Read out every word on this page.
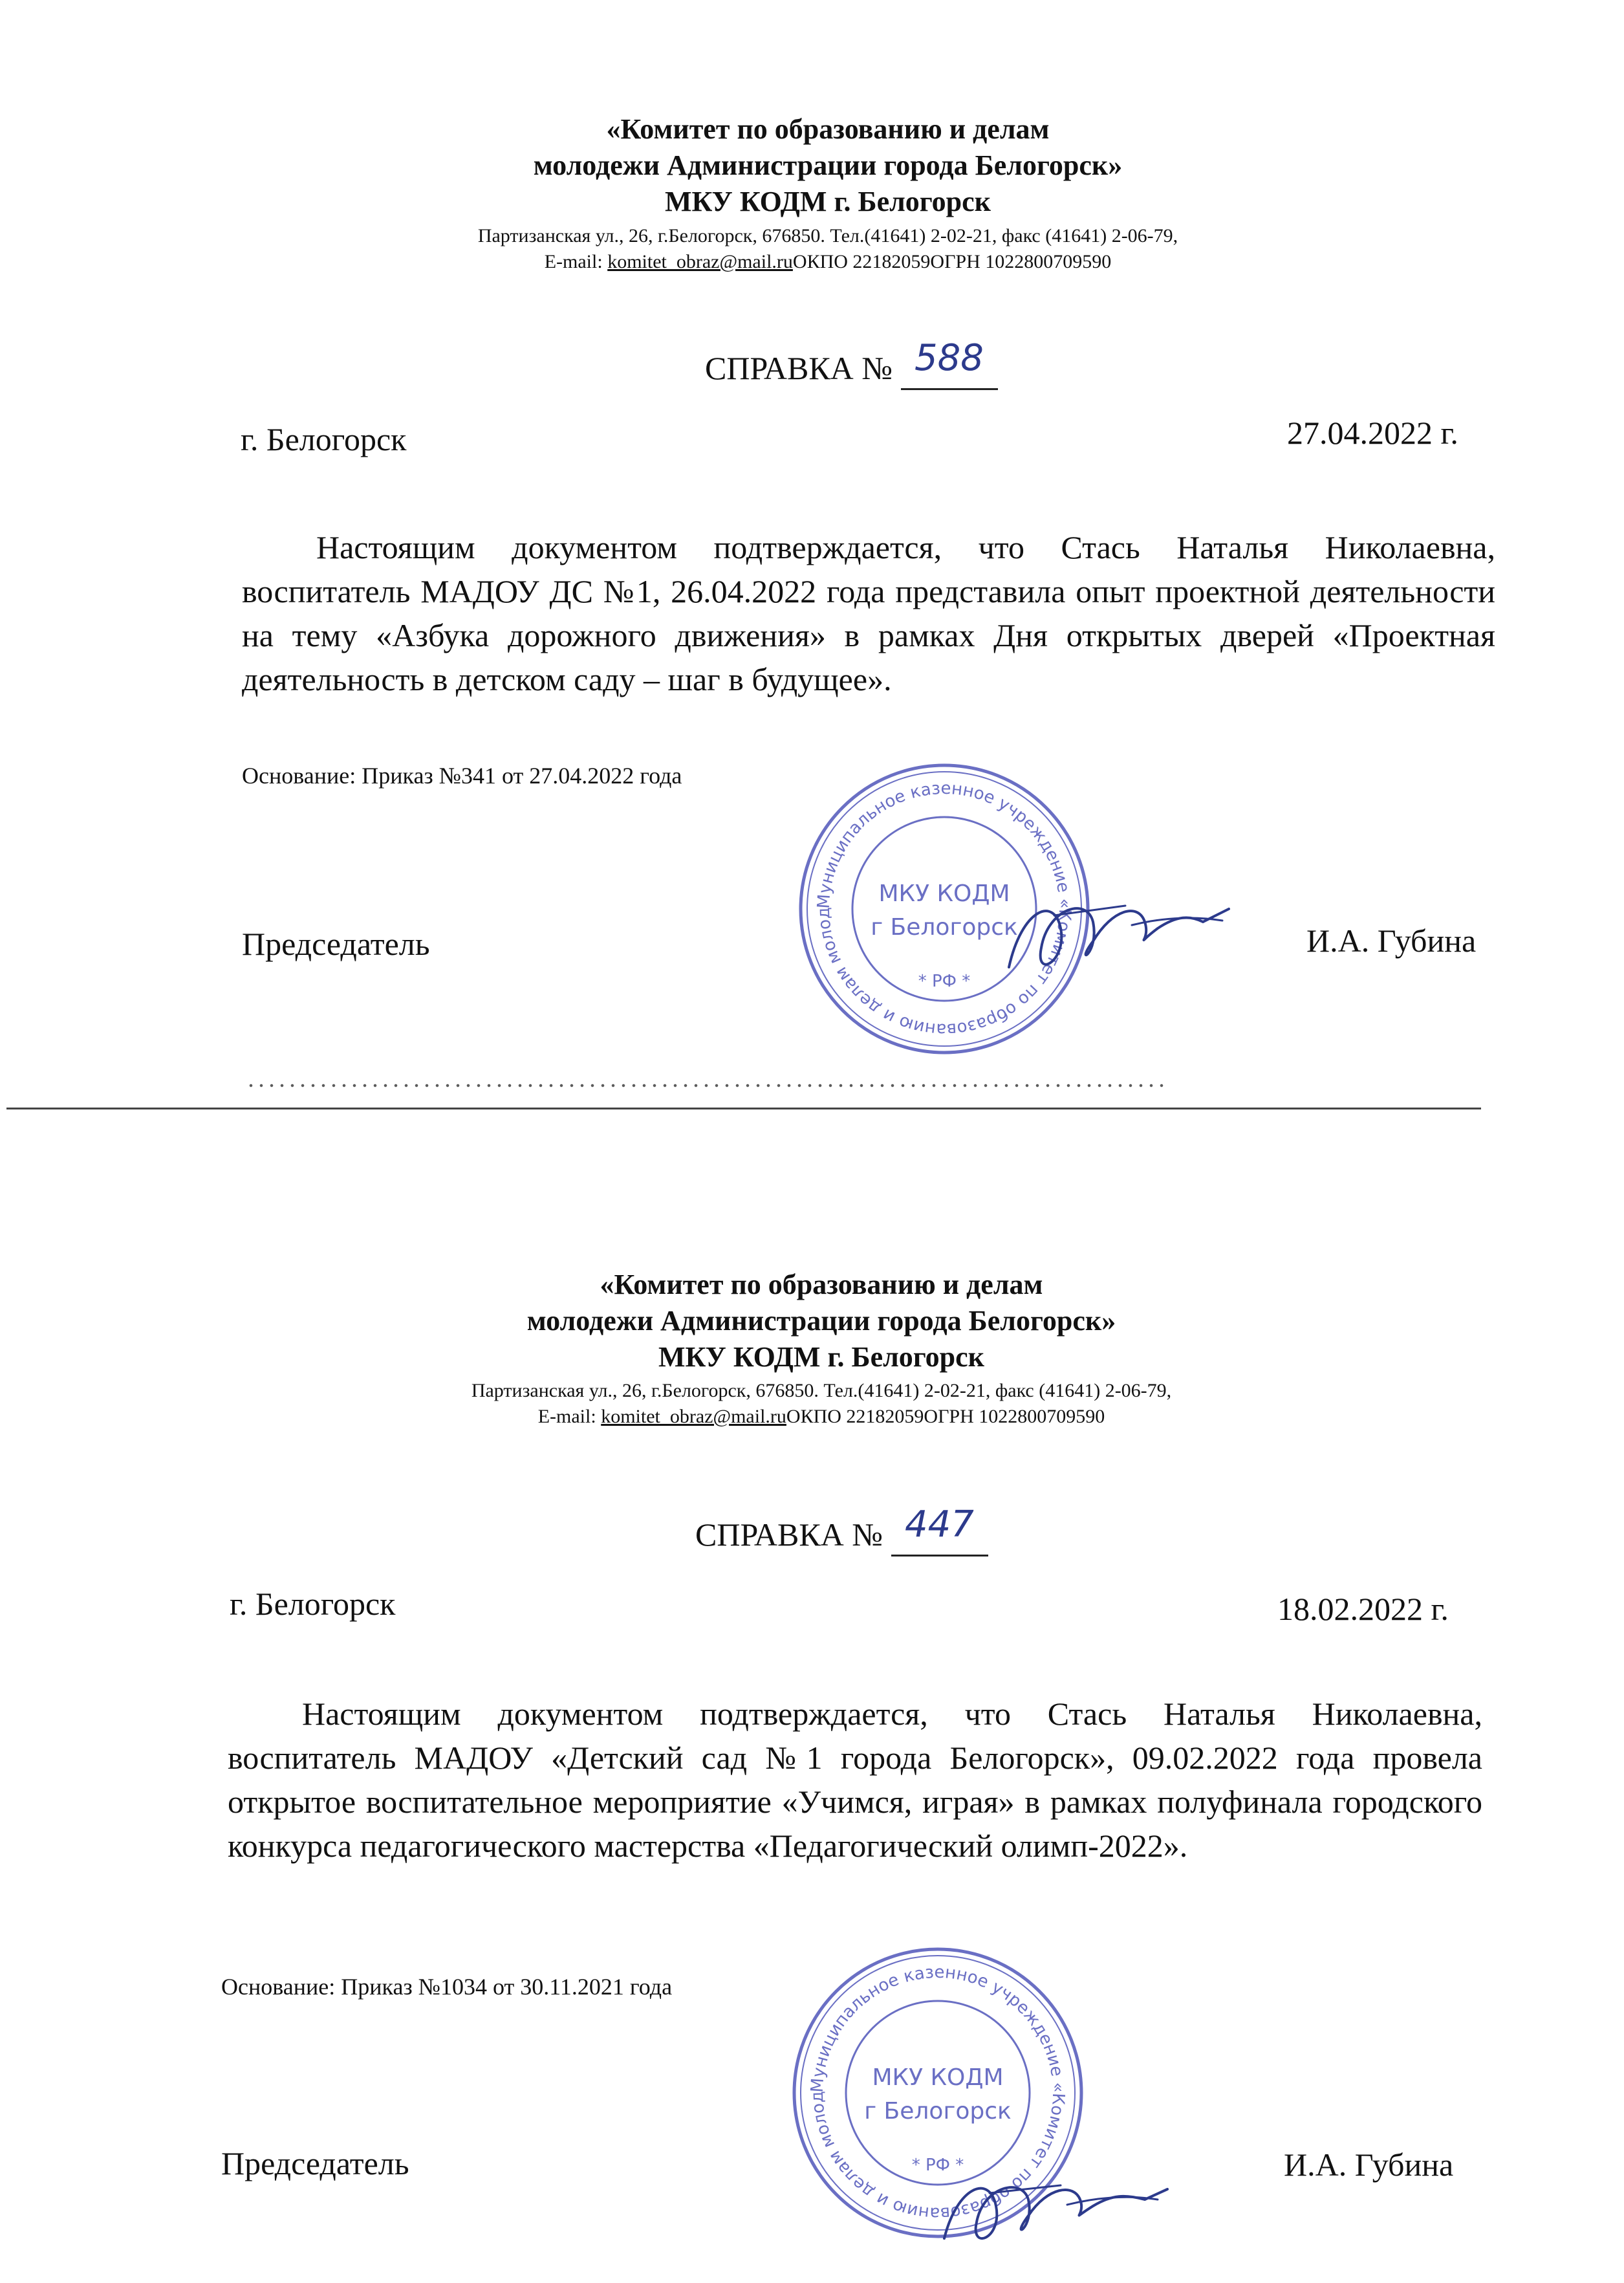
«Комитет по образованию и делам
молодежи Администрации города Белогорск»
МКУ КОДМ г. Белогорск
Партизанская ул., 26, г.Белогорск, 676850. Тел.(41641) 2-02-21, факс (41641) 2-06-79,
E-mail: komitet_obraz@mail.ruОКПО 22182059ОГРН 1022800709590
СПРАВКА № 588
г. Белогорск	27.04.2022 г.

Настоящим документом подтверждается, что Стась Наталья Николаевна, воспитатель МАДОУ ДС №1, 26.04.2022 года представила опыт проектной деятельности на тему «Азбука дорожного движения» в рамках Дня открытых дверей «Проектная деятельность в детском саду – шаг в будущее».

Основание: Приказ №341 от 27.04.2022 года
Председатель	И.А. Губина
Муниципальное казенное учреждение «Комитет по образованию и делам молодежи Администрации
МКУ КОДМ
г Белогорск
* РФ *
«Комитет по образованию и делам
молодежи Администрации города Белогорск»
МКУ КОДМ г. Белогорск
Партизанская ул., 26, г.Белогорск, 676850. Тел.(41641) 2-02-21, факс (41641) 2-06-79,
E-mail: komitet_obraz@mail.ruОКПО 22182059ОГРН 1022800709590
СПРАВКА № 447
г. Белогорск	18.02.2022 г.

Настоящим документом подтверждается, что Стась Наталья Николаевна, воспитатель МАДОУ «Детский сад №1 города Белогорск», 09.02.2022 года провела открытое воспитательное мероприятие «Учимся, играя» в рамках полуфинала городского конкурса педагогического мастерства «Педагогический олимп-2022».

Основание: Приказ №1034 от 30.11.2021 года
Председатель	И.А. Губина
Муниципальное казенное учреждение «Комитет по образованию и делам молодежи Администрации
МКУ КОДМ
г Белогорск
* РФ *
